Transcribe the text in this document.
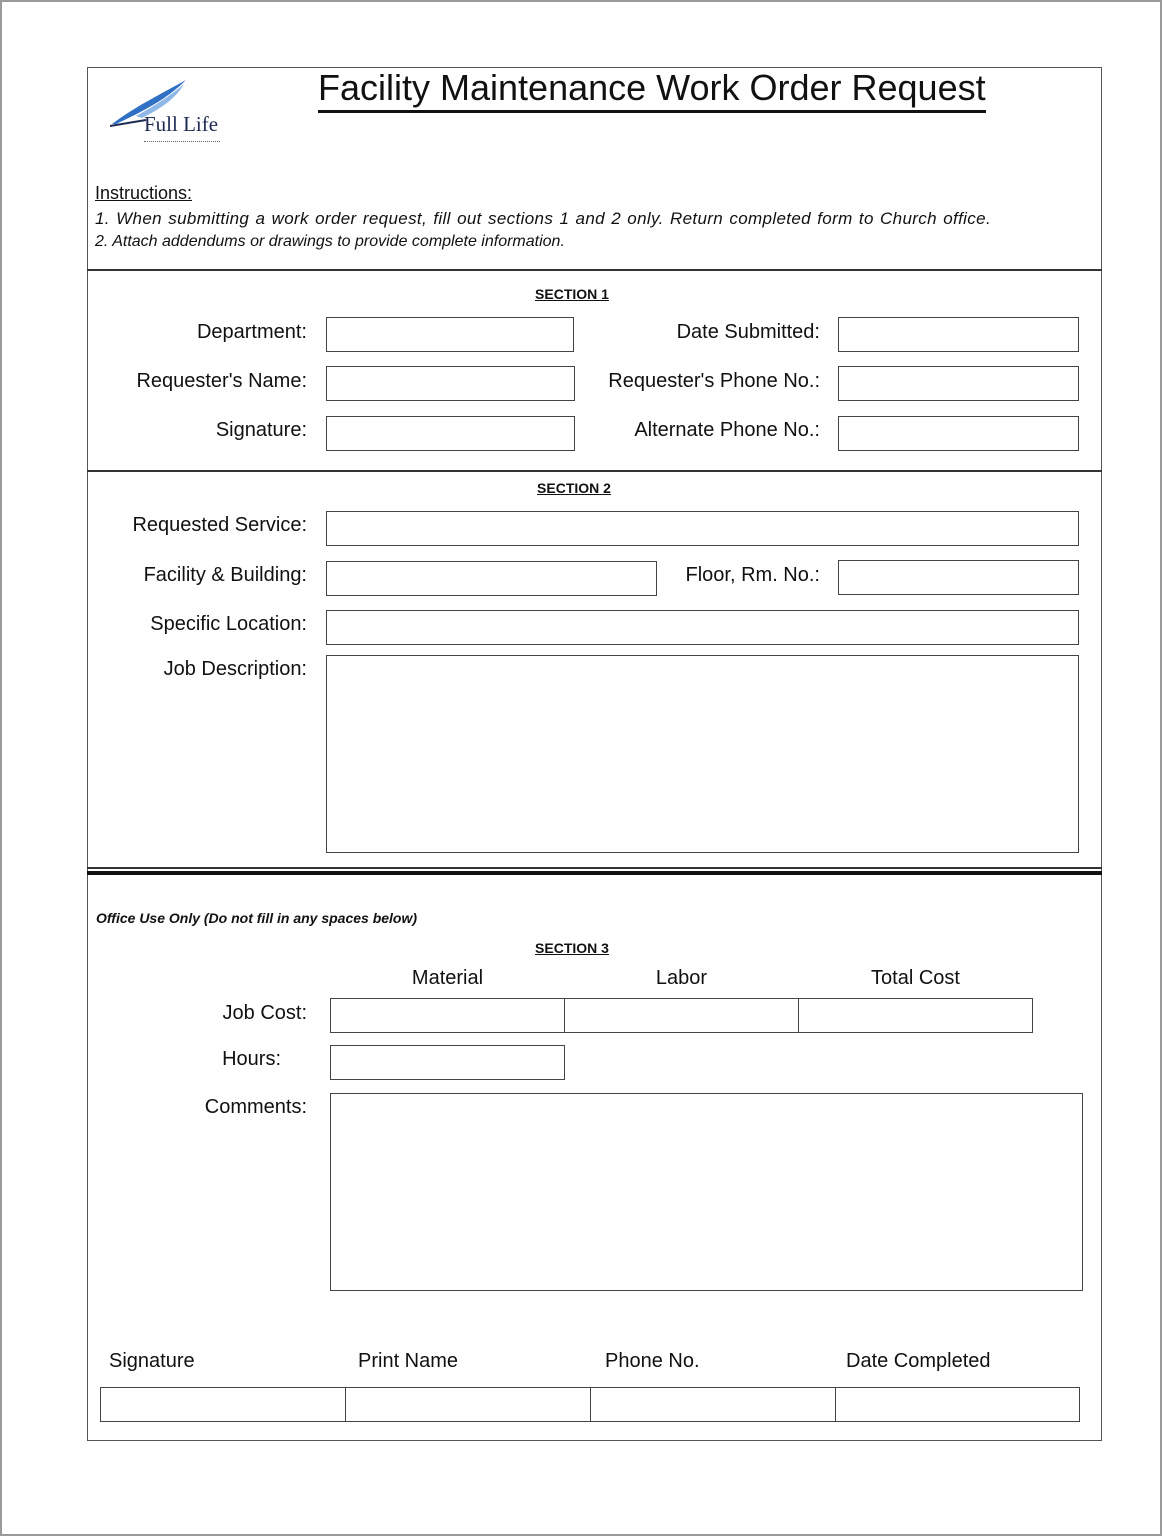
Full Life
Facility Maintenance Work Order Request
Instructions:
1. When submitting a work order request, fill out sections 1 and 2 only. Return completed form to Church office.
2. Attach addendums or drawings to provide complete information.
SECTION 1
Department:	Date Submitted:
Requester's Name:	Requester's Phone No.:
Signature:	Alternate Phone No.:
SECTION 2
Requested Service:
Facility & Building:	Floor, Rm. No.:
Specific Location:
Job Description:
Office Use Only (Do not fill in any spaces below)
SECTION 3
Material	Labor	Total Cost
Job Cost:
Hours:
Comments:
Signature	Print Name	Phone No.	Date Completed
